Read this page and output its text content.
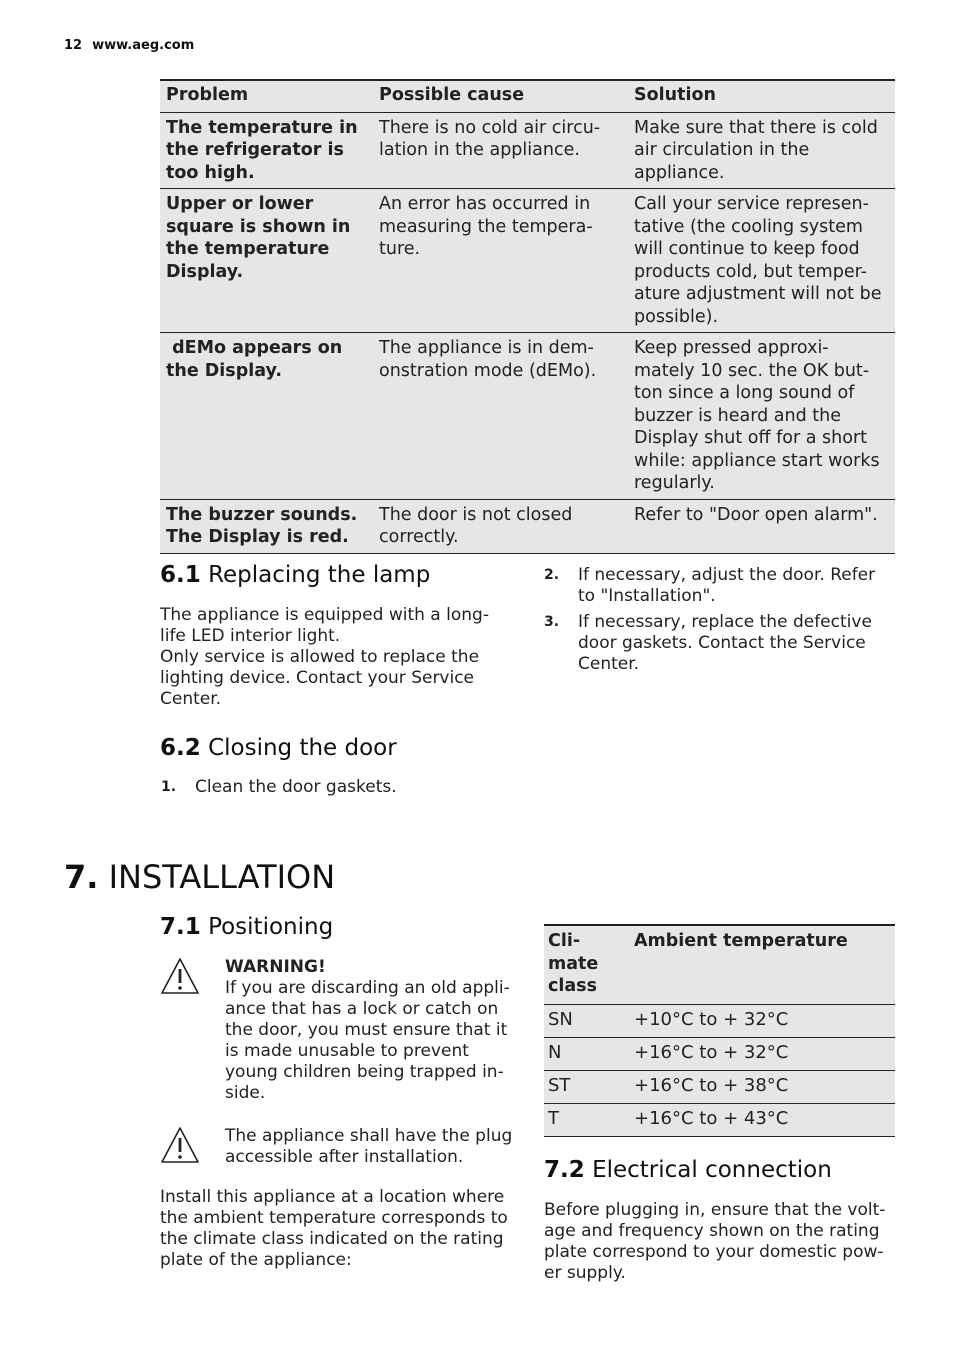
12 www.aeg.com
Problem	Possible cause	Solution
The temperature in the refrigerator is too high.	There is no cold air circu- lation in the appliance.	Make sure that there is cold air circulation in the appliance.
Upper or lower square is shown in the temperature Display.	An error has occurred in measuring the tempera- ture.	Call your service represen- tative (the cooling system will continue to keep food products cold, but temper- ature adjustment will not be possible).
dEMo appears on the Display.	The appliance is in dem- onstration mode (dEMo).	Keep pressed approxi- mately 10 sec. the OK but- ton since a long sound of buzzer is heard and the Display shut off for a short while: appliance start works regularly.
The buzzer sounds. The Display is red.	The door is not closed correctly.	Refer to "Door open alarm".
6.1 Replacing the lamp
The appliance is equipped with a long- life LED interior light.
Only service is allowed to replace the lighting device. Contact your Service Center.
6.2 Closing the door
1. Clean the door gaskets.
2. If necessary, adjust the door. Refer to "Installation".
3. If necessary, replace the defective door gaskets. Contact the Service Center.
7. INSTALLATION
7.1 Positioning
WARNING!
If you are discarding an old appli- ance that has a lock or catch on the door, you must ensure that it is made unusable to prevent young children being trapped in- side.
The appliance shall have the plug accessible after installation.
Install this appliance at a location where the ambient temperature corresponds to the climate class indicated on the rating plate of the appliance:
Cli- mate class	Ambient temperature
SN	+10°C to + 32°C
N	+16°C to + 32°C
ST	+16°C to + 38°C
T	+16°C to + 43°C
7.2 Electrical connection
Before plugging in, ensure that the volt- age and frequency shown on the rating plate correspond to your domestic pow- er supply.
